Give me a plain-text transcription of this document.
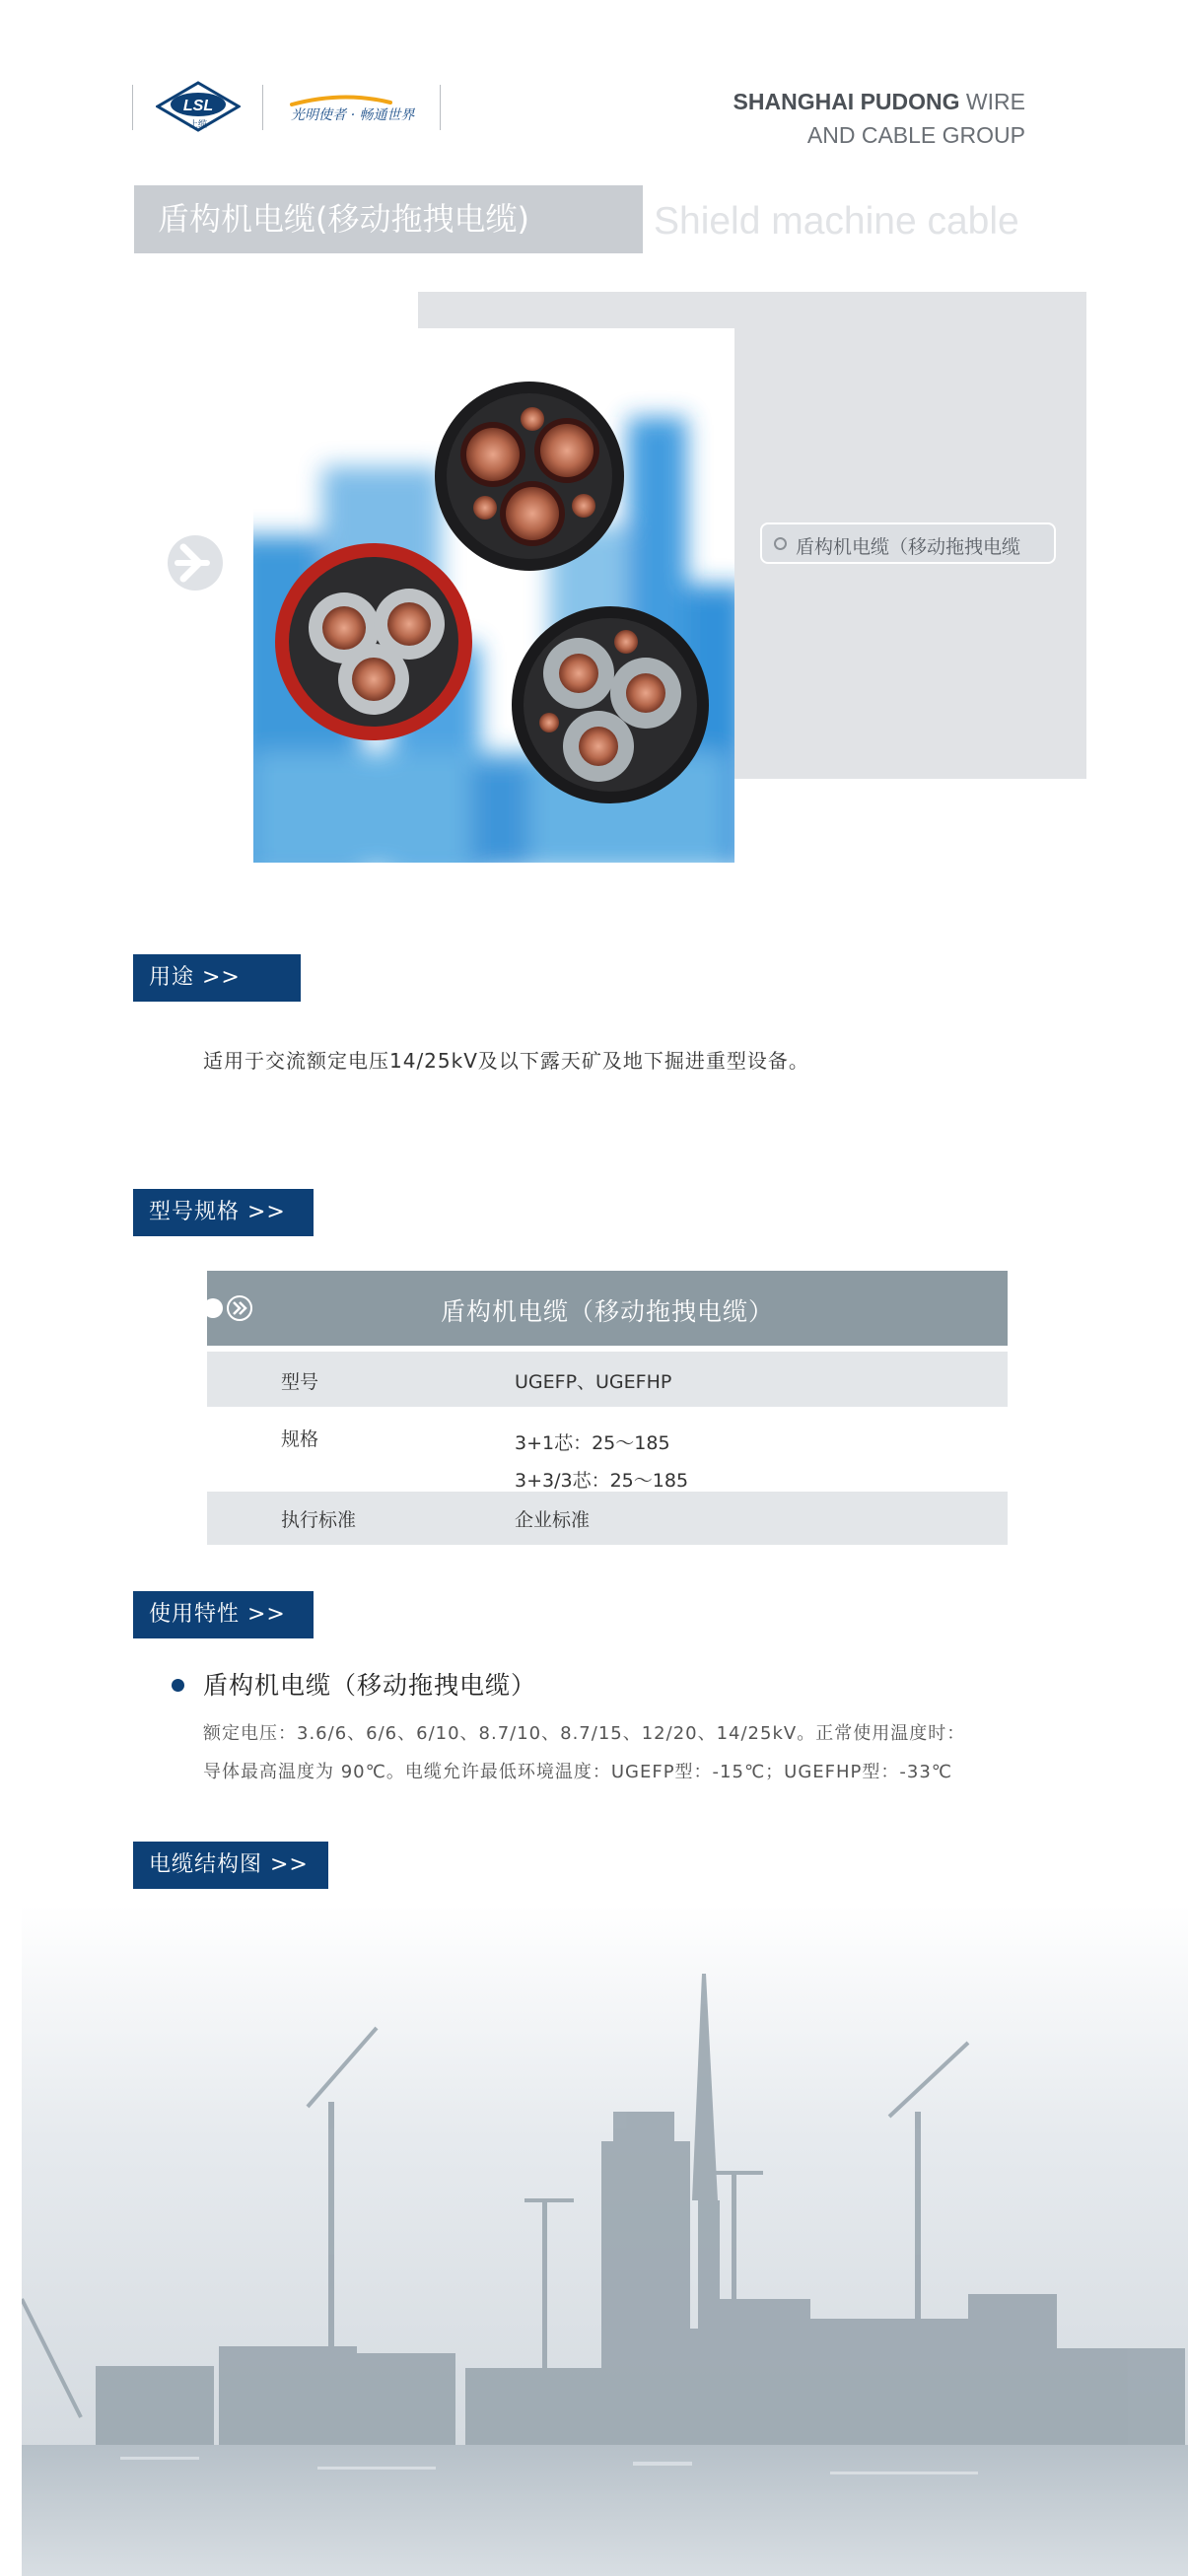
LSL
上缆
光明使者 · 畅通世界
SHANGHAI PUDONG WIRE
AND CABLE GROUP
盾构机电缆(移动拖拽电缆)	Shield machine cable
盾构机电缆（移动拖拽电缆
用途 >>
适用于交流额定电压14/25kV及以下露天矿及地下掘进重型设备。
型号规格 >>
盾构机电缆（移动拖拽电缆）
型号	UGEFP、UGEFHP
规格	3+1芯：25～185
3+3/3芯：25～185
执行标准	企业标准
使用特性 >>
盾构机电缆（移动拖拽电缆）
额定电压：3.6/6、6/6、6/10、8.7/10、8.7/15、12/20、14/25kV。正常使用温度时：
导体最高温度为 90℃。电缆允许最低环境温度：UGEFP型：-15℃；UGEFHP型：-33℃
电缆结构图 >>
